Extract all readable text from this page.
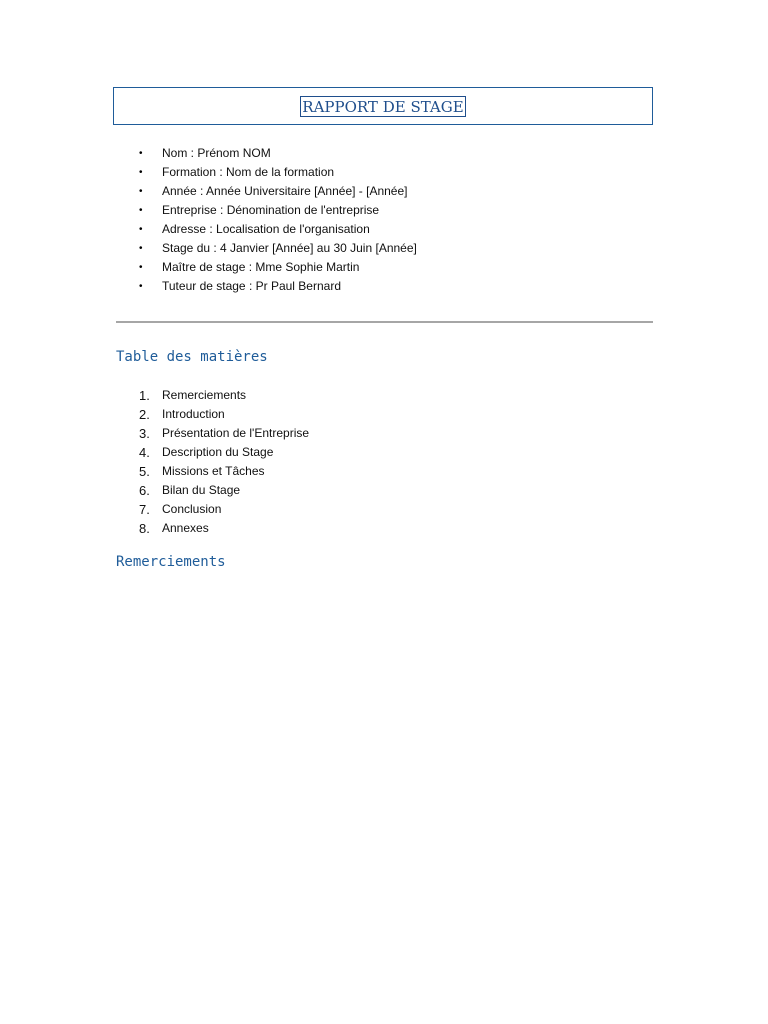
RAPPORT DE STAGE
• Nom : Prénom NOM
• Formation : Nom de la formation
• Année : Année Universitaire [Année] - [Année]
• Entreprise : Dénomination de l'entreprise
• Adresse : Localisation de l'organisation
• Stage du : 4 Janvier [Année] au 30 Juin [Année]
• Maître de stage : Mme Sophie Martin
• Tuteur de stage : Pr Paul Bernard
Table des matières
1. Remerciements
2. Introduction
3. Présentation de l'Entreprise
4. Description du Stage
5. Missions et Tâches
6. Bilan du Stage
7. Conclusion
8. Annexes
Remerciements
